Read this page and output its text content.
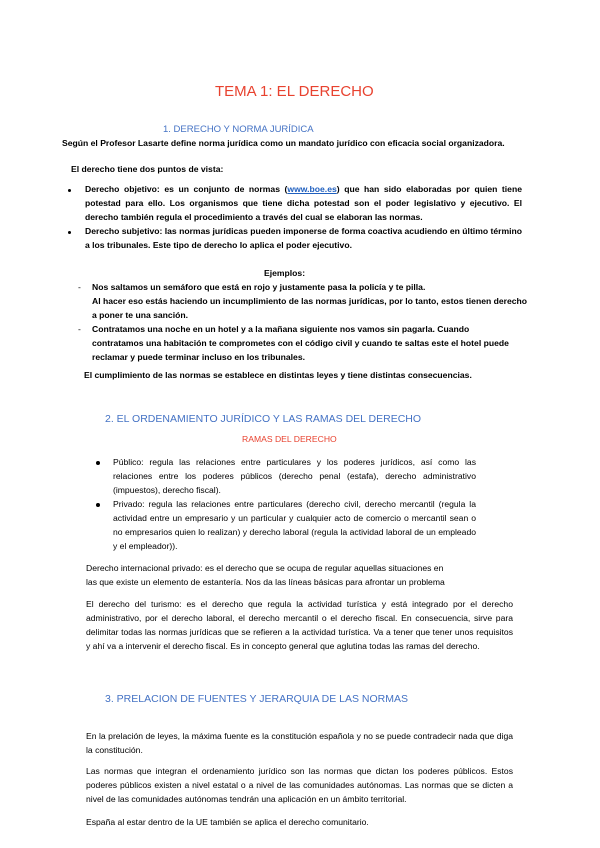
TEMA 1: EL DERECHO
1. DERECHO Y NORMA JURÍDICA
Según el Profesor Lasarte define norma jurídica como un mandato jurídico con eficacia social organizadora.
El derecho tiene dos puntos de vista:
Derecho objetivo: es un conjunto de normas (www.boe.es) que han sido elaboradas por quien tiene potestad para ello. Los organismos que tiene dicha potestad son el poder legislativo y ejecutivo. El derecho también regula el procedimiento a través del cual se elaboran las normas.
Derecho subjetivo: las normas jurídicas pueden imponerse de forma coactiva acudiendo en último término a los tribunales. Este tipo de derecho lo aplica el poder ejecutivo.
Ejemplos:
- Nos saltamos un semáforo que está en rojo y justamente pasa la policía y te pilla.
Al hacer eso estás haciendo un incumplimiento de las normas jurídicas, por lo tanto, estos tienen derecho
a poner te una sanción.
- Contratamos una noche en un hotel y a la mañana siguiente nos vamos sin pagarla. Cuando
contratamos una habitación te comprometes con el código civil y cuando te saltas este el hotel puede
reclamar y puede terminar incluso en los tribunales.
El cumplimiento de las normas se establece en distintas leyes y tiene distintas consecuencias.
2. EL ORDENAMIENTO JURÍDICO Y LAS RAMAS DEL DERECHO
RAMAS DEL DERECHO
Público: regula las relaciones entre particulares y los poderes jurídicos, así como las relaciones entre los poderes públicos (derecho penal (estafa), derecho administrativo (impuestos), derecho fiscal).
Privado: regula las relaciones entre particulares (derecho civil, derecho mercantil (regula la actividad entre un empresario y un particular y cualquier acto de comercio o mercantil sean o no empresarios quien lo realizan) y derecho laboral (regula la actividad laboral de un empleado y el empleador)).
Derecho internacional privado: es el derecho que se ocupa de regular aquellas situaciones en
las que existe un elemento de estantería. Nos da las líneas básicas para afrontar un problema
El derecho del turismo: es el derecho que regula la actividad turística y está integrado por el derecho administrativo, por el derecho laboral, el derecho mercantil o el derecho fiscal. En consecuencia, sirve para delimitar todas las normas jurídicas que se refieren a la actividad turística. Va a tener que tener unos requisitos y ahí va a intervenir el derecho fiscal. Es in concepto general que aglutina todas las ramas del derecho.
3. PRELACION DE FUENTES Y JERARQUIA DE LAS NORMAS
En la prelación de leyes, la máxima fuente es la constitución española y no se puede contradecir nada que diga la constitución.
Las normas que integran el ordenamiento jurídico son las normas que dictan los poderes públicos. Estos poderes públicos existen a nivel estatal o a nivel de las comunidades autónomas. Las normas que se dicten a nivel de las comunidades autónomas tendrán una aplicación en un ámbito territorial.
España al estar dentro de la UE también se aplica el derecho comunitario.
